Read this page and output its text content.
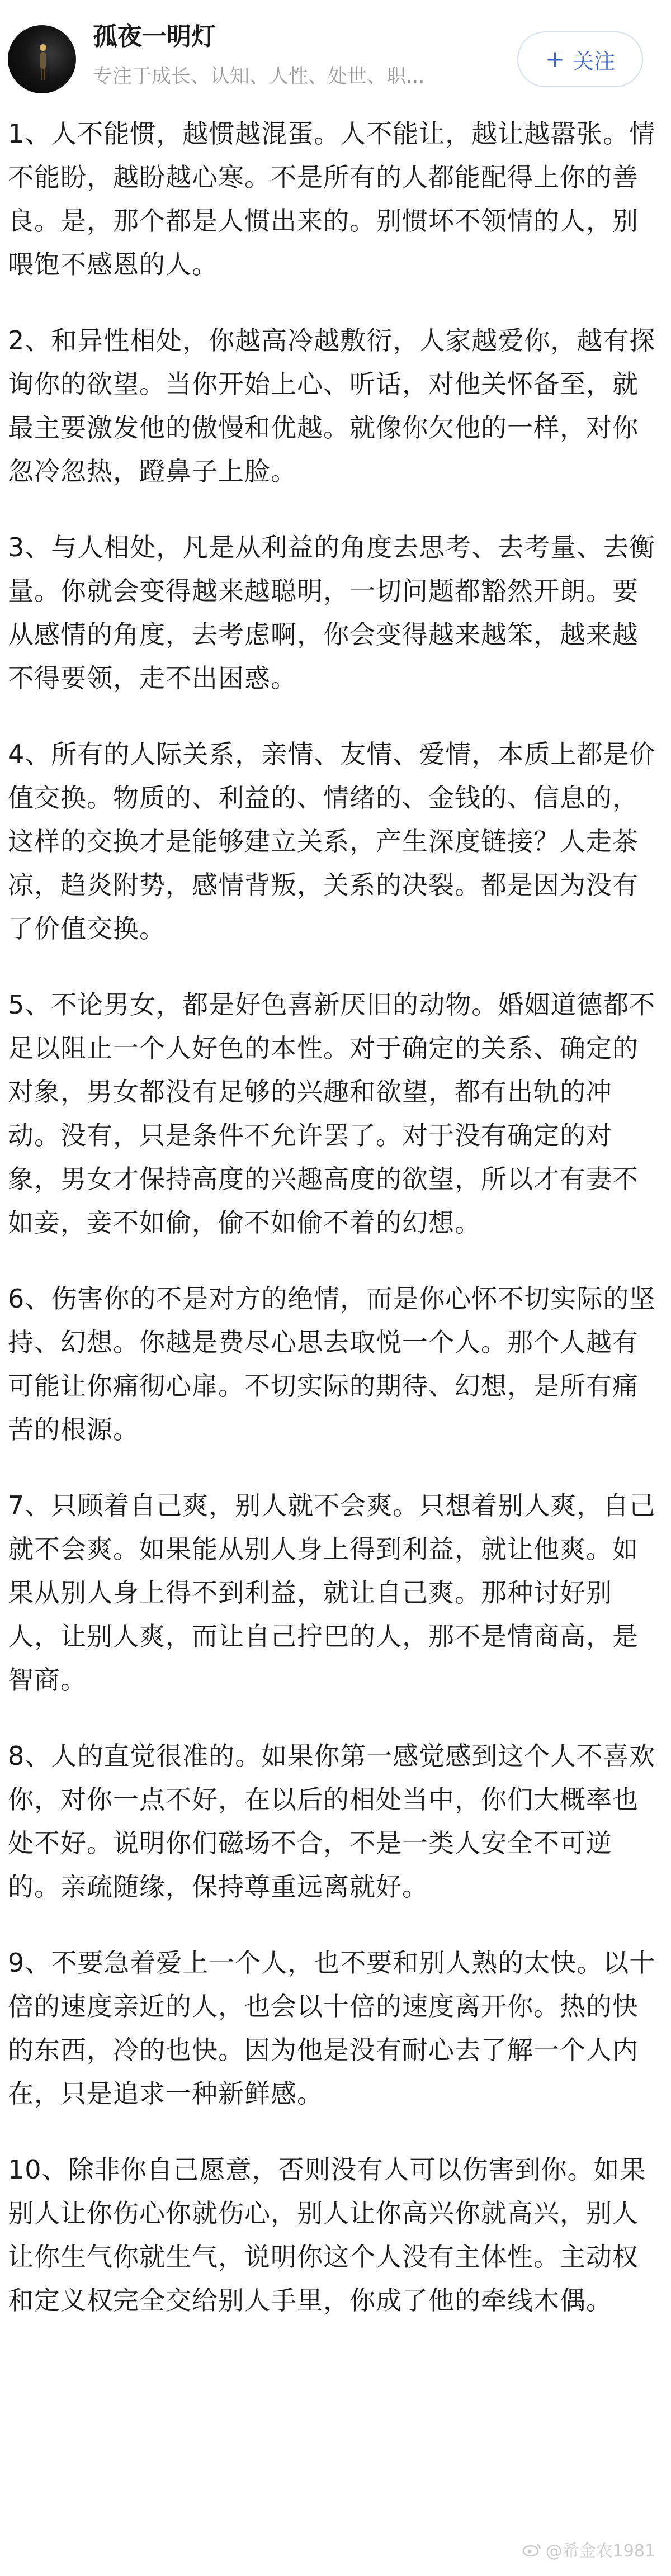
孤夜一明灯
专注于成长、认知、人性、处世、职...
+ 关注

1、人不能惯，越惯越混蛋。人不能让，越让越嚣张。情不能盼，越盼越心寒。不是所有的人都能配得上你的善良。是，那个都是人惯出来的。别惯坏不领情的人，别喂饱不感恩的人。

2、和异性相处，你越高冷越敷衍，人家越爱你，越有探询你的欲望。当你开始上心、听话，对他关怀备至，就最主要激发他的傲慢和优越。就像你欠他的一样，对你忽冷忽热，蹬鼻子上脸。

3、与人相处，凡是从利益的角度去思考、去考量、去衡量。你就会变得越来越聪明，一切问题都豁然开朗。要从感情的角度，去考虑啊，你会变得越来越笨，越来越不得要领，走不出困惑。

4、所有的人际关系，亲情、友情、爱情，本质上都是价值交换。物质的、利益的、情绪的、金钱的、信息的，这样的交换才是能够建立关系，产生深度链接？人走茶凉，趋炎附势，感情背叛，关系的决裂。都是因为没有了价值交换。

5、不论男女，都是好色喜新厌旧的动物。婚姻道德都不足以阻止一个人好色的本性。对于确定的关系、确定的对象，男女都没有足够的兴趣和欲望，都有出轨的冲动。没有，只是条件不允许罢了。对于没有确定的对象，男女才保持高度的兴趣高度的欲望，所以才有妻不如妾，妾不如偷，偷不如偷不着的幻想。

6、伤害你的不是对方的绝情，而是你心怀不切实际的坚持、幻想。你越是费尽心思去取悦一个人。那个人越有可能让你痛彻心扉。不切实际的期待、幻想，是所有痛苦的根源。

7、只顾着自己爽，别人就不会爽。只想着别人爽，自己就不会爽。如果能从别人身上得到利益，就让他爽。如果从别人身上得不到利益，就让自己爽。那种讨好别人，让别人爽，而让自己拧巴的人，那不是情商高，是智商。

8、人的直觉很准的。如果你第一感觉感到这个人不喜欢你，对你一点不好，在以后的相处当中，你们大概率也处不好。说明你们磁场不合，不是一类人安全不可逆的。亲疏随缘，保持尊重远离就好。

9、不要急着爱上一个人，也不要和别人熟的太快。以十倍的速度亲近的人，也会以十倍的速度离开你。热的快的东西，冷的也快。因为他是没有耐心去了解一个人内在，只是追求一种新鲜感。

10、除非你自己愿意，否则没有人可以伤害到你。如果别人让你伤心你就伤心，别人让你高兴你就高兴，别人让你生气你就生气，说明你这个人没有主体性。主动权和定义权完全交给别人手里，你成了他的牵线木偶。

@希金农1981
